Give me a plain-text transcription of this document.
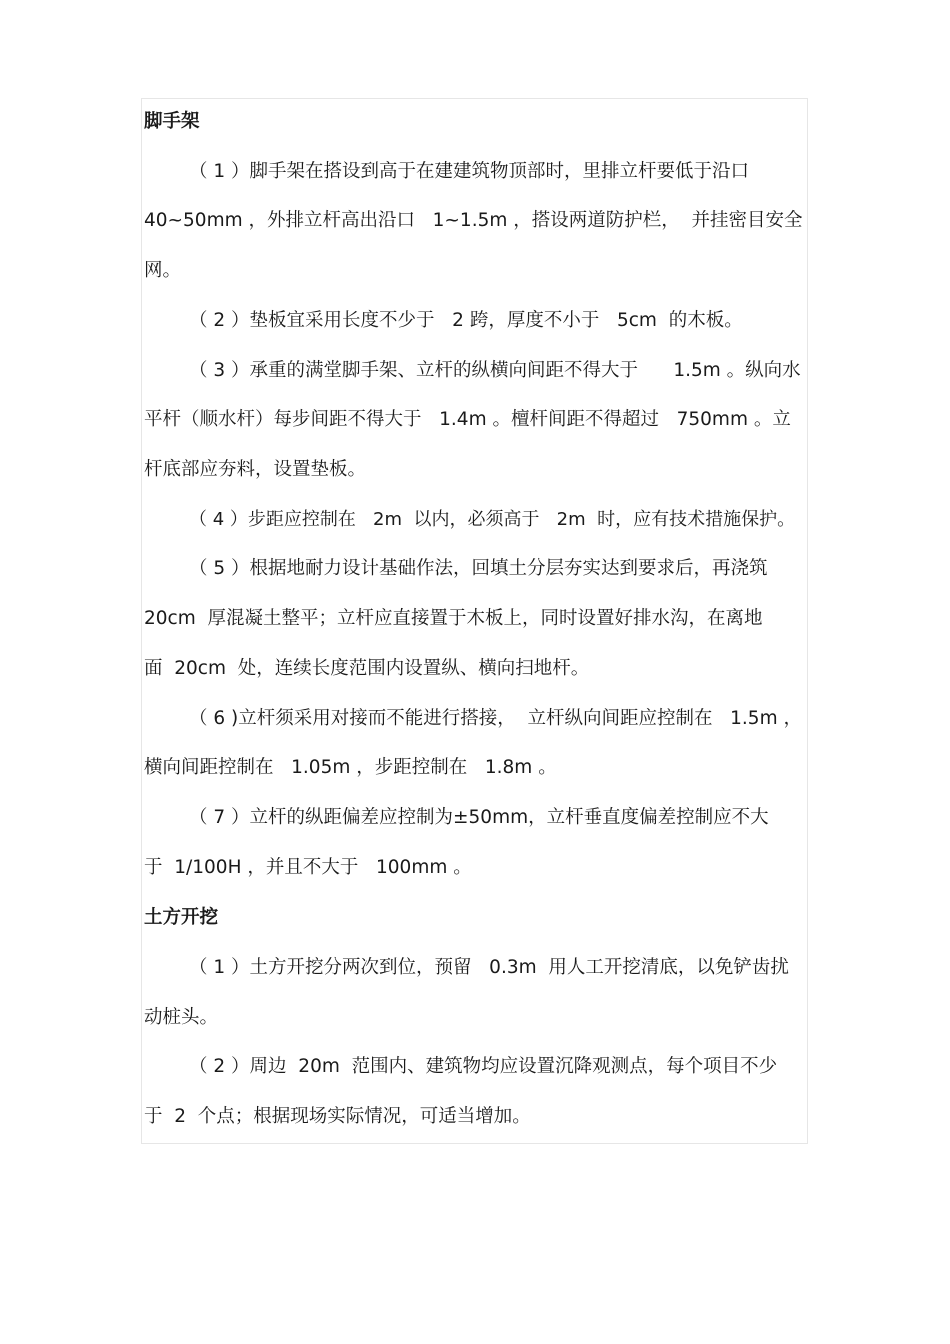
脚手架
（ 1 ）脚手架在搭设到高于在建建筑物顶部时，里排立杆要低于沿口
40~50mm ，外排立杆高出沿口   1~1.5m ，搭设两道防护栏，  并挂密目安全
网。
（ 2 ）垫板宜采用长度不少于   2 跨，厚度不小于   5cm  的木板。
（ 3 ）承重的满堂脚手架、立杆的纵横向间距不得大于      1.5m 。纵向水
平杆（顺水杆）每步间距不得大于   1.4m 。檀杆间距不得超过   750mm 。立
杆底部应夯料，设置垫板。
（ 4 ）步距应控制在   2m  以内，必须高于   2m  时，应有技术措施保护。
（ 5 ）根据地耐力设计基础作法，回填土分层夯实达到要求后，再浇筑
20cm  厚混凝土整平；立杆应直接置于木板上，同时设置好排水沟，在离地
面  20cm  处，连续长度范围内设置纵、横向扫地杆。
（ 6 )立杆须采用对接而不能进行搭接，  立杆纵向间距应控制在   1.5m ，
横向间距控制在   1.05m ，步距控制在   1.8m 。
（ 7 ）立杆的纵距偏差应控制为±50mm，立杆垂直度偏差控制应不大
于  1/100H ，并且不大于   100mm 。
土方开挖
（ 1 ）土方开挖分两次到位，预留   0.3m  用人工开挖清底，以免铲齿扰
动桩头。
（ 2 ）周边  20m  范围内、建筑物均应设置沉降观测点，每个项目不少
于  2  个点；根据现场实际情况，可适当增加。
